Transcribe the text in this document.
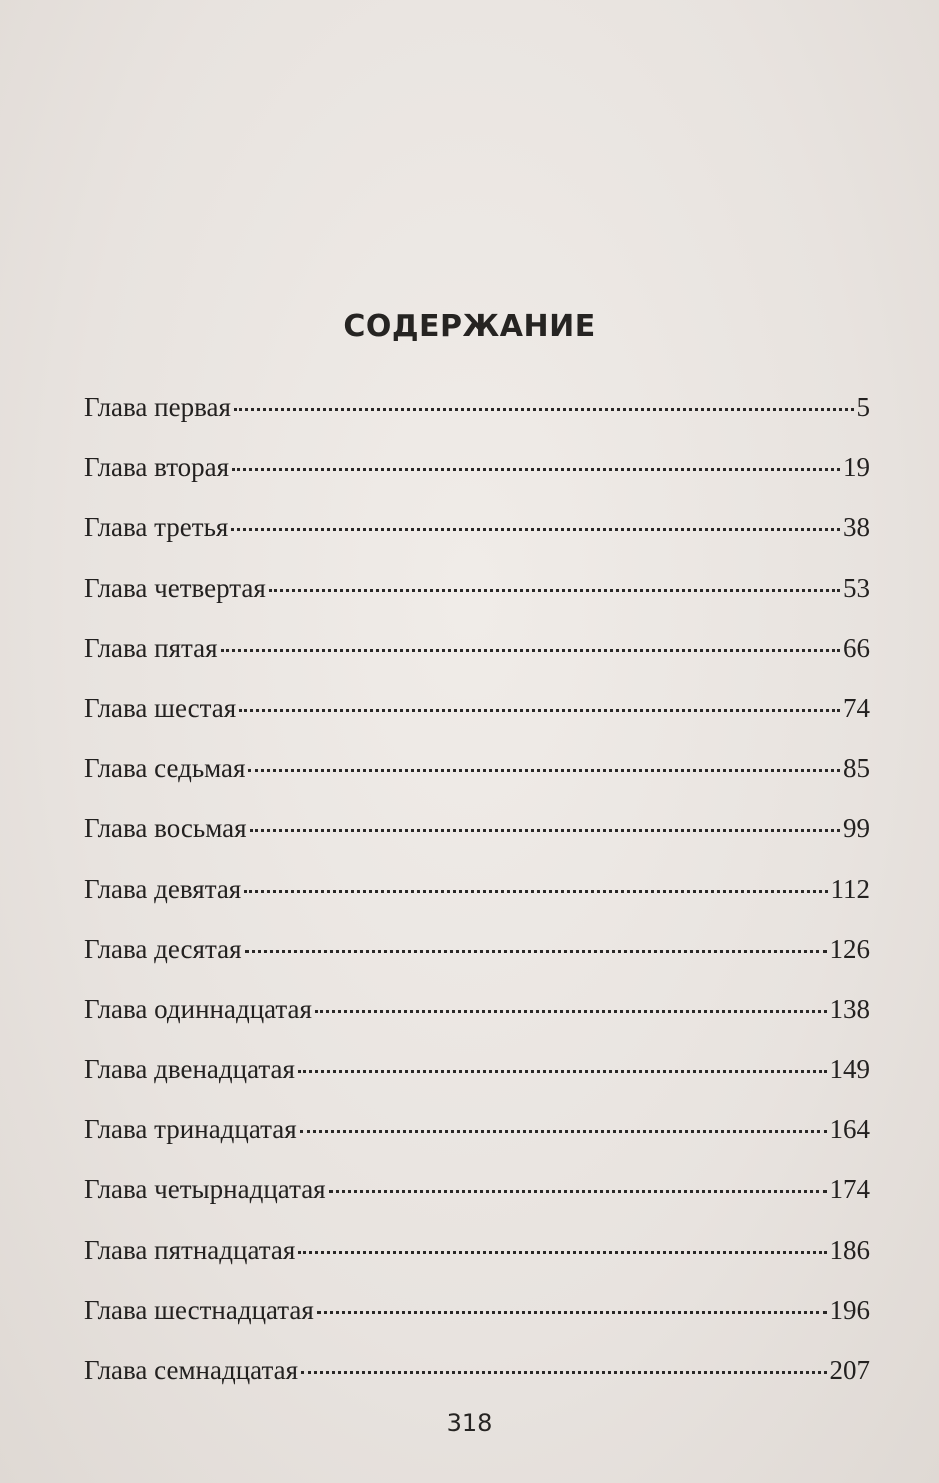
СОДЕРЖАНИЕ
Глава первая	5
Глава вторая	19
Глава третья	38
Глава четвертая	53
Глава пятая	66
Глава шестая	74
Глава седьмая	85
Глава восьмая	99
Глава девятая	112
Глава десятая	126
Глава одиннадцатая	138
Глава двенадцатая	149
Глава тринадцатая	164
Глава четырнадцатая	174
Глава пятнадцатая	186
Глава шестнадцатая	196
Глава семнадцатая	207
318
